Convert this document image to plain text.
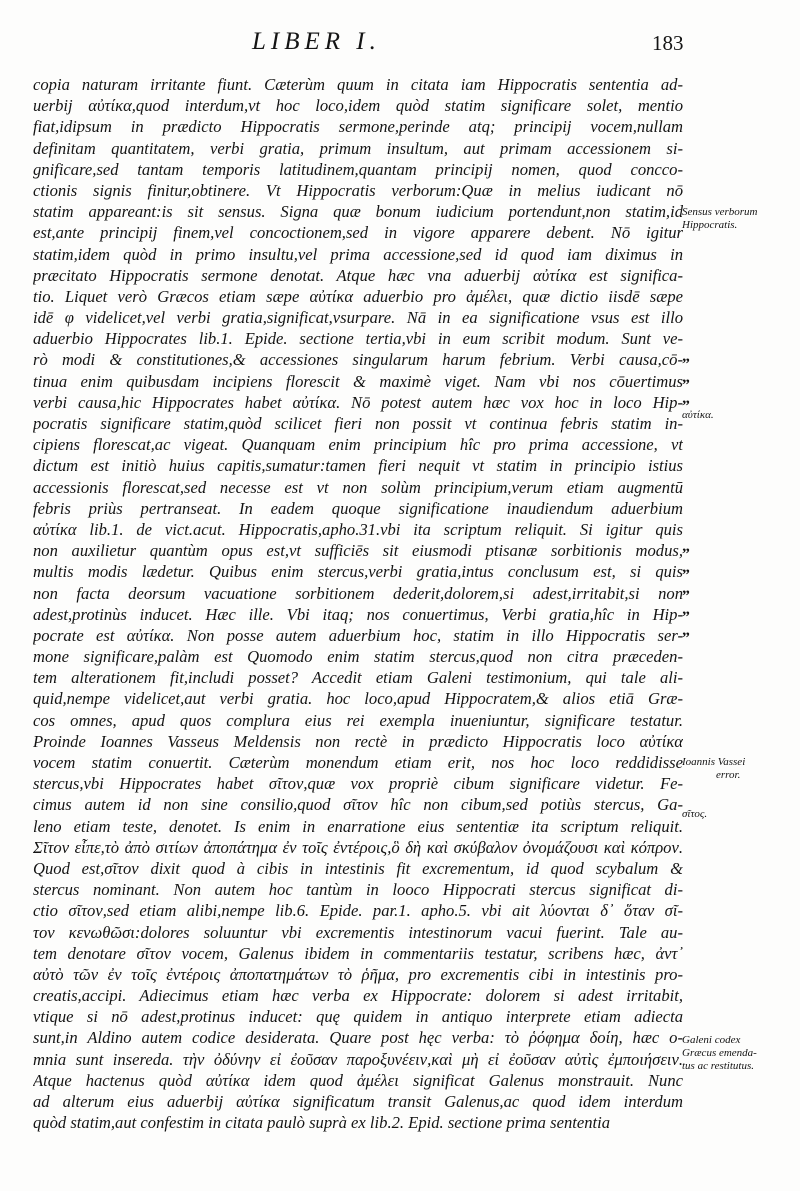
LIBER I.	183
copia naturam irritante fiunt. Cæterùm quum in citata iam Hippocratis sententia ad-
uerbij αὐτίκα,quod interdum,vt hoc loco,idem quòd statim significare solet, mentio
fiat,idipsum in prædicto Hippocratis sermone,perinde atq; principij vocem,nullam
definitam quantitatem, verbi gratia, primum insultum, aut primam accessionem si-
gnificare,sed tantam temporis latitudinem,quantam principij nomen, quod concco-
ctionis signis finitur,obtinere. Vt Hippocratis verborum:Quæ in melius iudicant nō
statim appareant:is sit sensus. Signa quæ bonum iudicium portendunt,non statim,id
est,ante principij finem,vel concoctionem,sed in vigore apparere debent. Nō igitur
statim,idem quòd in primo insultu,vel prima accessione,sed id quod iam diximus in
præcitato Hippocratis sermone denotat. Atque hæc vna aduerbij αὐτίκα est significa-
tio. Liquet verò Græcos etiam sæpe αὐτίκα aduerbio pro ἀμέλει, quæ dictio iisdē sæpe
idē φ videlicet,vel verbi gratia,significat,vsurpare. Nā in ea significatione vsus est illo
aduerbio Hippocrates lib.1. Epide. sectione tertia,vbi in eum scribit modum. Sunt ve-
rò modi & constitutiones,& accessiones singularum harum febrium. Verbi causa,cō-
tinua enim quibusdam incipiens florescit & maximè viget. Nam vbi nos cōuertimus
verbi causa,hic Hippocrates habet αὐτίκα. Nō potest autem hæc vox hoc in loco Hip-
pocratis significare statim,quòd scilicet fieri non possit vt continua febris statim in-
cipiens florescat,ac vigeat. Quanquam enim principium hîc pro prima accessione, vt
dictum est initiò huius capitis,sumatur:tamen fieri nequit vt statim in principio istius
accessionis florescat,sed necesse est vt non solùm principium,verum etiam augmentū
febris priùs pertranseat. In eadem quoque significatione inaudiendum aduerbium
αὐτίκα lib.1. de vict.acut. Hippocratis,apho.31.vbi ita scriptum reliquit. Si igitur quis
non auxilietur quantùm opus est,vt sufficiēs sit eiusmodi ptisanæ sorbitionis modus,
multis modis lædetur. Quibus enim stercus,verbi gratia,intus conclusum est, si quis
non facta deorsum vacuatione sorbitionem dederit,dolorem,si adest,irritabit,si non
adest,protinùs inducet. Hæc ille. Vbi itaq; nos conuertimus, Verbi gratia,hîc in Hip-
pocrate est αὐτίκα. Non posse autem aduerbium hoc, statim in illo Hippocratis ser-
mone significare,palàm est Quomodo enim statim stercus,quod non citra præceden-
tem alterationem fit,includi posset? Accedit etiam Galeni testimonium, qui tale ali-
quid,nempe videlicet,aut verbi gratia. hoc loco,apud Hippocratem,& alios etiā Græ-
cos omnes, apud quos complura eius rei exempla inueniuntur, significare testatur.
Proinde Ioannes Vasseus Meldensis non rectè in prædicto Hippocratis loco αὐτίκα
vocem statim conuertit. Cæterùm monendum etiam erit, nos hoc loco reddidisse
stercus,vbi Hippocrates habet σῖτον,quæ vox propriè cibum significare videtur. Fe-
cimus autem id non sine consilio,quod σῖτον hîc non cibum,sed potiùs stercus, Ga-
leno etiam teste, denotet. Is enim in enarratione eius sententiæ ita scriptum reliquit.
Σῖτον εἶπε,τὸ ἀπὸ σιτίων ἀποπάτημα ἐν τοῖς ἐντέροις,ὃ δὴ καὶ σκύβαλον ὀνομάζουσι καὶ κόπρον.
Quod est,σῖτον dixit quod à cibis in intestinis fit excrementum, id quod scybalum &
stercus nominant. Non autem hoc tantùm in looco Hippocrati stercus significat di-
ctio σῖτον,sed etiam alibi,nempe lib.6. Epide. par.1. apho.5. vbi ait λύονται δ᾽ ὅταν σῖ-
τον κενωθῶσι:dolores soluuntur vbi excrementis intestinorum vacui fuerint. Tale au-
tem denotare σῖτον vocem, Galenus ibidem in commentariis testatur, scribens hæc, ἀντ᾽
αὐτὸ τῶν ἐν τοῖς ἐντέροις ἀποπατημάτων τὸ ῥῆμα, pro excrementis cibi in intestinis pro-
creatis,accipi. Adiecimus etiam hæc verba ex Hippocrate: dolorem si adest irritabit,
vtique si nō adest,protinus inducet: quę quidem in antiquo interprete etiam adiecta
sunt,in Aldino autem codice desiderata. Quare post hęc verba: τὸ ῥόφημα δοίη, hæc o-
mnia sunt insereda. τὴν ὀδύνην εἰ ἐοῦσαν παροξυνέειν,καὶ μὴ εἰ ἐοῦσαν αὐτὶς ἐμποιήσειν.
Atque hactenus quòd αὐτίκα idem quod ἀμέλει significat Galenus monstrauit. Nunc
ad alterum eius aduerbij αὐτίκα significatum transit Galenus,ac quod idem interdum
quòd statim,aut confestim in citata paulò suprà ex lib.2. Epid. sectione prima sententia
Sensus verborum
Hippocratis.
„
„
„
αὐτίκα.
„
„
„
„
„
Ioannis Vassei
error.
σῖτος.
Galeni codex
Græcus emenda-
tus ac restitutus.
